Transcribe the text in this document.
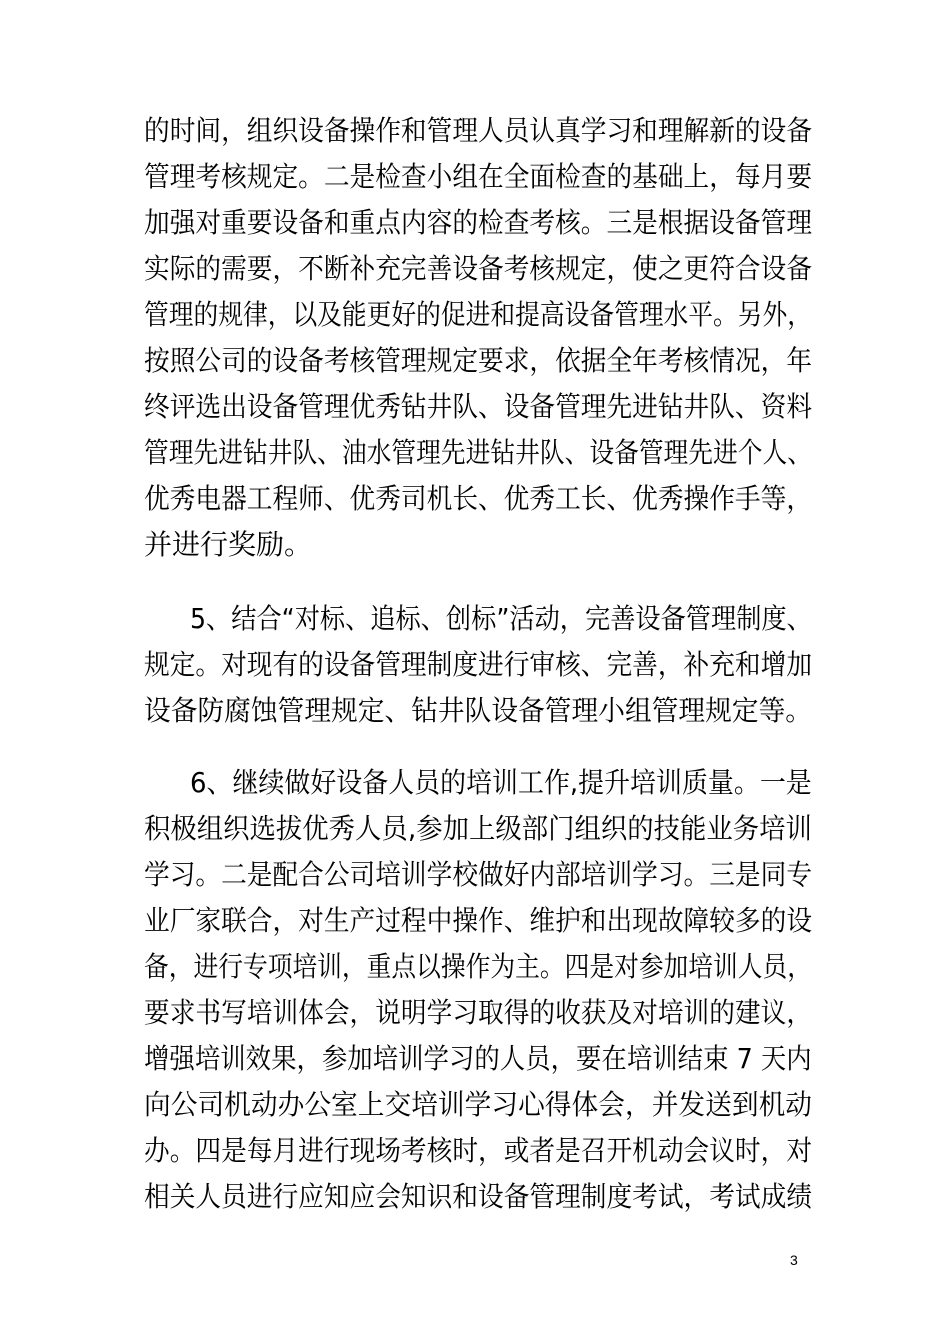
的时间，组织设备操作和管理人员认真学习和理解新的设备
管理考核规定。二是检查小组在全面检查的基础上，每月要
加强对重要设备和重点内容的检查考核。三是根据设备管理
实际的需要，不断补充完善设备考核规定，使之更符合设备
管理的规律，以及能更好的促进和提高设备管理水平。另外，
按照公司的设备考核管理规定要求，依据全年考核情况，年
终评选出设备管理优秀钻井队、设备管理先进钻井队、资料
管理先进钻井队、油水管理先进钻井队、设备管理先进个人、
优秀电器工程师、优秀司机长、优秀工长、优秀操作手等，
并进行奖励。
5、结合“对标、追标、创标”活动，完善设备管理制度、
规定。对现有的设备管理制度进行审核、完善，补充和增加
设备防腐蚀管理规定、钻井队设备管理小组管理规定等。
6、继续做好设备人员的培训工作,提升培训质量。一是
积极组织选拔优秀人员,参加上级部门组织的技能业务培训
学习。二是配合公司培训学校做好内部培训学习。三是同专
业厂家联合，对生产过程中操作、维护和出现故障较多的设
备，进行专项培训，重点以操作为主。四是对参加培训人员，
要求书写培训体会，说明学习取得的收获及对培训的建议，
增强培训效果，参加培训学习的人员，要在培训结束 7 天内
向公司机动办公室上交培训学习心得体会，并发送到机动
办。四是每月进行现场考核时，或者是召开机动会议时，对
相关人员进行应知应会知识和设备管理制度考试，考试成绩
3
